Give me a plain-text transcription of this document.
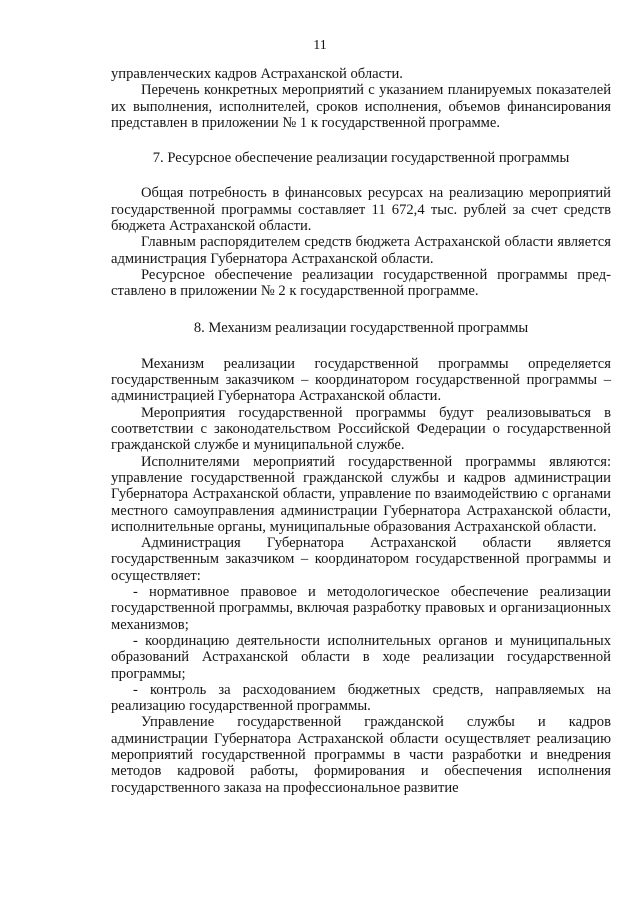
11

управленческих кадров Астраханской области.

Перечень конкретных мероприятий с указанием планируемых показателей их выполнения, исполнителей, сроков исполнения, объемов финансирования представлен в приложении № 1 к государственной программе.

7. Ресурсное обеспечение реализации государственной программы

Общая потребность в финансовых ресурсах на реализацию мероприятий государственной программы составляет 11 672,4 тыс. рублей за счет средств бюджета Астраханской области.

Главным распорядителем средств бюджета Астраханской области является администрация Губернатора Астраханской области.

Ресурсное обеспечение реализации государственной программы представлено в приложении № 2 к государственной программе.

8. Механизм реализации государственной программы

Механизм реализации государственной программы определяется государственным заказчиком – координатором государственной программы – администрацией Губернатора Астраханской области.

Мероприятия государственной программы будут реализовываться в соответствии с законодательством Российской Федерации о государственной гражданской службе и муниципальной службе.

Исполнителями мероприятий государственной программы являются: управление государственной гражданской службы и кадров администрации Губернатора Астраханской области, управление по взаимодействию с органами местного самоуправления администрации Губернатора Астраханской области, исполнительные органы, муниципальные образования Астраханской области.

Администрация Губернатора Астраханской области является государственным заказчиком – координатором государственной программы и осуществляет:

- нормативное правовое и методологическое обеспечение реализации государственной программы, включая разработку правовых и организационных механизмов;

- координацию деятельности исполнительных органов и муниципальных образований Астраханской области в ходе реализации государственной программы;

- контроль за расходованием бюджетных средств, направляемых на реализацию государственной программы.

Управление государственной гражданской службы и кадров администрации Губернатора Астраханской области осуществляет реализацию мероприятий государственной программы в части разработки и внедрения методов кадровой работы, формирования и обеспечения исполнения государственного заказа на профессиональное развитие
